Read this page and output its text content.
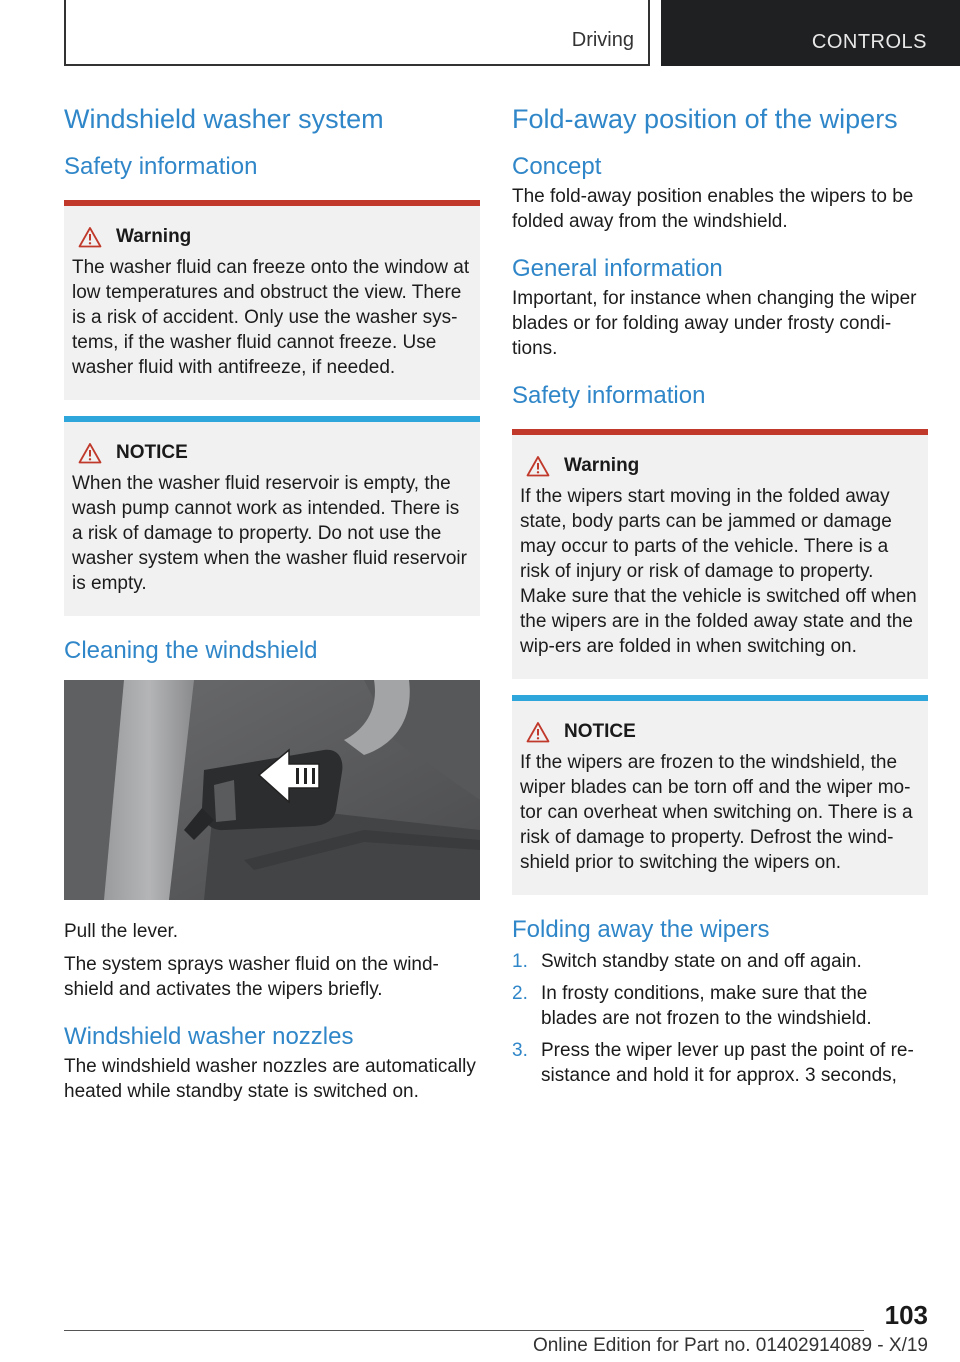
Driving	CONTROLS
Windshield washer system
Safety information
Warning

The washer fluid can freeze onto the window at low temperatures and obstruct the view. There is a risk of accident. Only use the washer sys-tems, if the washer fluid cannot freeze. Use washer fluid with antifreeze, if needed.

NOTICE

When the washer fluid reservoir is empty, the wash pump cannot work as intended. There is a risk of damage to property. Do not use the washer system when the washer fluid reservoir is empty.

Cleaning the windshield

Pull the lever.

The system sprays washer fluid on the wind-shield and activates the wipers briefly.

Windshield washer nozzles

The windshield washer nozzles are automatically heated while standby state is switched on.

Fold-away position of the wipers
Concept

The fold-away position enables the wipers to be folded away from the windshield.

General information

Important, for instance when changing the wiper blades or for folding away under frosty condi-tions.

Safety information
Warning

If the wipers start moving in the folded away state, body parts can be jammed or damage may occur to parts of the vehicle. There is a risk of injury or risk of damage to property. Make sure that the vehicle is switched off when the wipers are in the folded away state and the wip-ers are folded in when switching on.

NOTICE

If the wipers are frozen to the windshield, the wiper blades can be torn off and the wiper mo-tor can overheat when switching on. There is a risk of damage to property. Defrost the wind-shield prior to switching the wipers on.

Folding away the wipers
1. Switch standby state on and off again.
2. In frosty conditions, make sure that the blades are not frozen to the windshield.
3. Press the wiper lever up past the point of re-sistance and hold it for approx. 3 seconds,
103
Online Edition for Part no. 01402914089 - X/19
